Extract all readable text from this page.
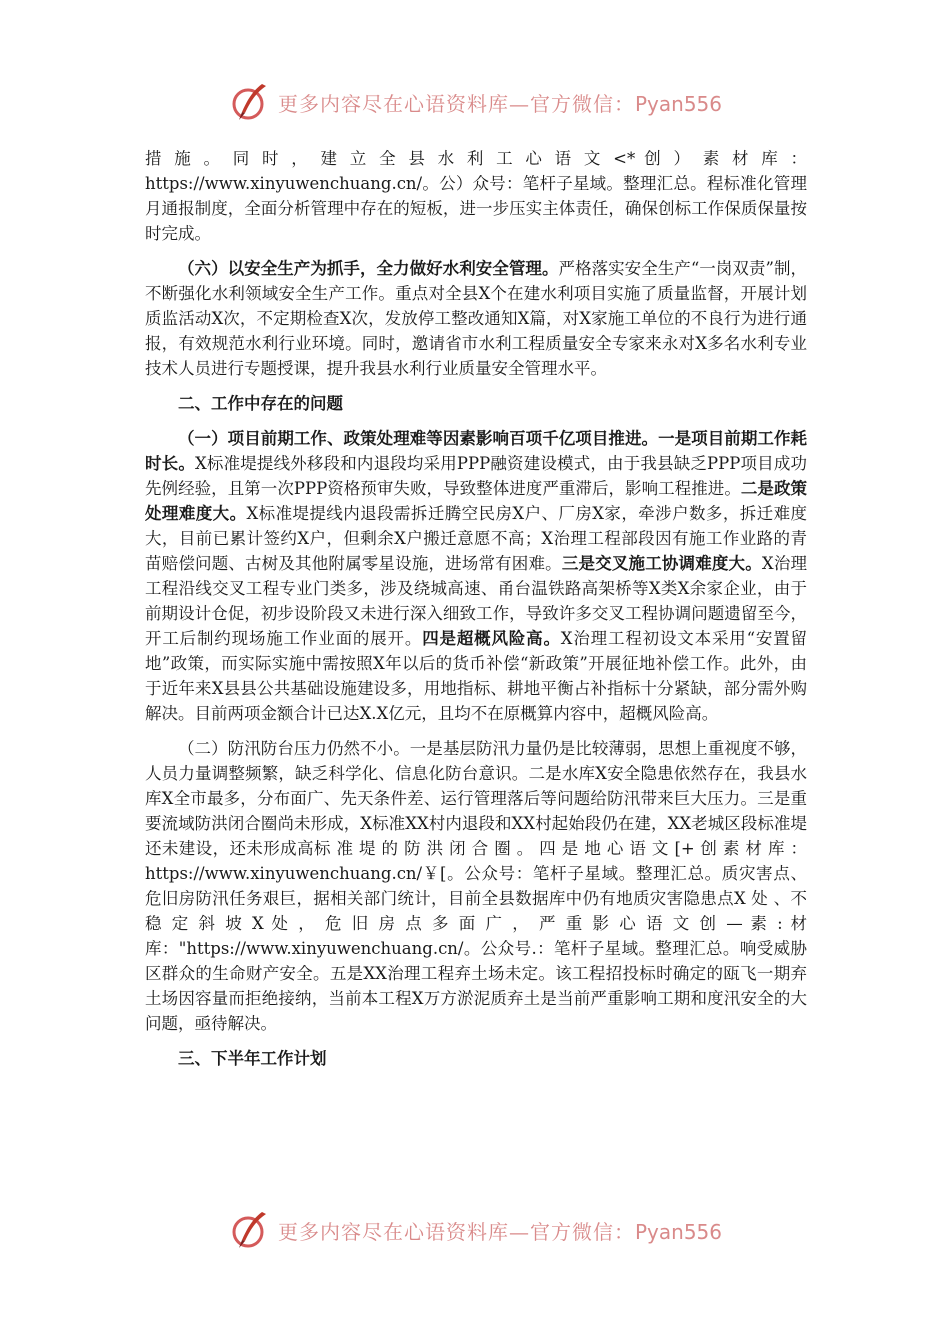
更多内容尽在心语资料库—官方微信：Pyan556

措 施 。 同 时 ， 建 立 全 县 水 利 工 心 语 文 <* 创 ） 素 材 库 ： https://www.xinyuwenchuang.cn/。公）众号：笔杆子星域。整理汇总。程标准化管理月通报制度，全面分析管理中存在的短板，进一步压实主体责任，确保创标工作保质保量按时完成。

（六）以安全生产为抓手，全力做好水利安全管理。严格落实安全生产“一岗双责”制，不断强化水利领域安全生产工作。重点对全县X个在建水利项目实施了质量监督，开展计划质监活动X次，不定期检查X次，发放停工整改通知X篇，对X家施工单位的不良行为进行通报，有效规范水利行业环境。同时，邀请省市水利工程质量安全专家来永对X多名水利专业技术人员进行专题授课，提升我县水利行业质量安全管理水平。

二、工作中存在的问题

（一）项目前期工作、政策处理难等因素影响百项千亿项目推进。一是项目前期工作耗时长。X标准堤提线外移段和内退段均采用PPP融资建设模式，由于我县缺乏PPP项目成功先例经验，且第一次PPP资格预审失败，导致整体进度严重滞后，影响工程推进。二是政策处理难度大。X标准堤提线内退段需拆迁腾空民房X户、厂房X家，牵涉户数多，拆迁难度大，目前已累计签约X户，但剩余X户搬迁意愿不高；X治理工程部段因有施工作业路的青苗赔偿问题、古树及其他附属零星设施，进场常有困难。三是交叉施工协调难度大。X治理工程沿线交叉工程专业门类多，涉及绕城高速、甬台温铁路高架桥等X类X余家企业，由于前期设计仓促，初步设阶段又未进行深入细致工作，导致许多交叉工程协调问题遗留至今，开工后制约现场施工作业面的展开。四是超概风险高。X治理工程初设文本采用“安置留地”政策，而实际实施中需按照X年以后的货币补偿“新政策”开展征地补偿工作。此外，由于近年来X县县公共基础设施建设多，用地指标、耕地平衡占补指标十分紧缺，部分需外购解决。目前两项金额合计已达X.X亿元，且均不在原概算内容中，超概风险高。

（二）防汛防台压力仍然不小。一是基层防汛力量仍是比较薄弱，思想上重视度不够，人员力量调整频繁，缺乏科学化、信息化防台意识。二是水库X安全隐患依然存在，我县水库X全市最多，分布面广、先天条件差、运行管理落后等问题给防汛带来巨大压力。三是重要流域防洪闭合圈尚未形成，X标准XX村内退段和XX村起始段仍在建，XX老城区段标准堤还未建设，还未形成高标 准 堤 的 防 洪 闭 合 圈 。 四 是 地 心 语 文 [+ 创 素 材 库 ： https://www.xinyuwenchuang.cn/￥[。公众号：笔杆子星域。整理汇总。质灾害点、危旧房防汛任务艰巨，据相关部门统计，目前全县数据库中仍有地质灾害隐患点X 处 、不 稳 定 斜 坡 X 处 ， 危 旧 房 点 多 面 广 ， 严 重 影 心 语 文 创 — 素 : 材库："https://www.xinyuwenchuang.cn/。公众号.：笔杆子星域。整理汇总。响受威胁区群众的生命财产安全。五是XX治理工程弃土场未定。该工程招投标时确定的瓯飞一期弃土场因容量而拒绝接纳，当前本工程X万方淤泥质弃土是当前严重影响工期和度汛安全的大问题，亟待解决。

三、下半年工作计划

更多内容尽在心语资料库—官方微信：Pyan556
